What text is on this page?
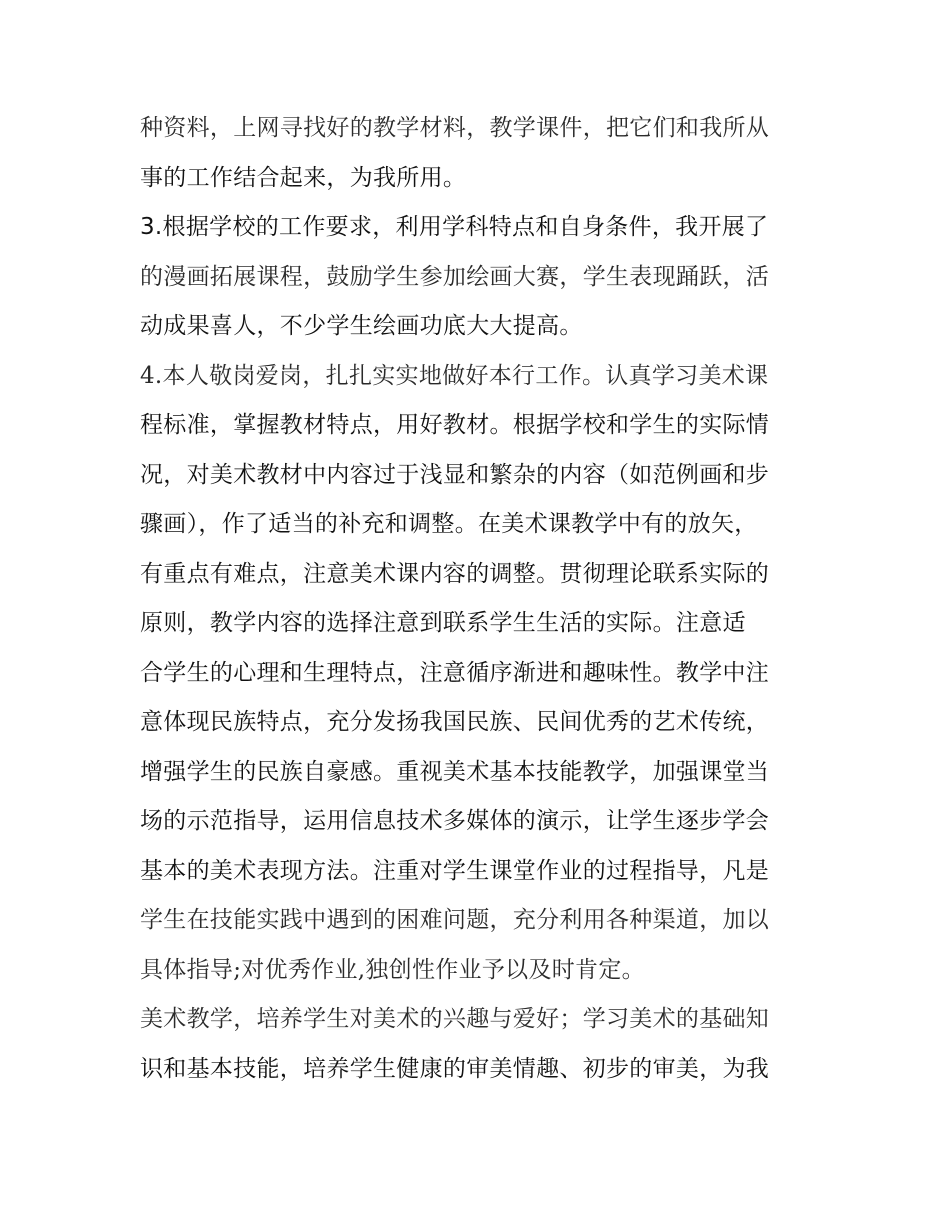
种资料，上网寻找好的教学材料，教学课件，把它们和我所从
事的工作结合起来，为我所用。
3.根据学校的工作要求，利用学科特点和自身条件，我开展了
的漫画拓展课程，鼓励学生参加绘画大赛，学生表现踊跃，活
动成果喜人，不少学生绘画功底大大提高。
4.本人敬岗爱岗，扎扎实实地做好本行工作。认真学习美术课
程标准，掌握教材特点，用好教材。根据学校和学生的实际情
况，对美术教材中内容过于浅显和繁杂的内容（如范例画和步
骤画），作了适当的补充和调整。在美术课教学中有的放矢，
有重点有难点，注意美术课内容的调整。贯彻理论联系实际的
原则，教学内容的选择注意到联系学生生活的实际。注意适
合学生的心理和生理特点，注意循序渐进和趣味性。教学中注
意体现民族特点，充分发扬我国民族、民间优秀的艺术传统，
增强学生的民族自豪感。重视美术基本技能教学，加强课堂当
场的示范指导，运用信息技术多媒体的演示，让学生逐步学会
基本的美术表现方法。注重对学生课堂作业的过程指导，凡是
学生在技能实践中遇到的困难问题，充分利用各种渠道，加以
具体指导;对优秀作业,独创性作业予以及时肯定。
美术教学，培养学生对美术的兴趣与爱好；学习美术的基础知
识和基本技能，培养学生健康的审美情趣、初步的审美，为我
